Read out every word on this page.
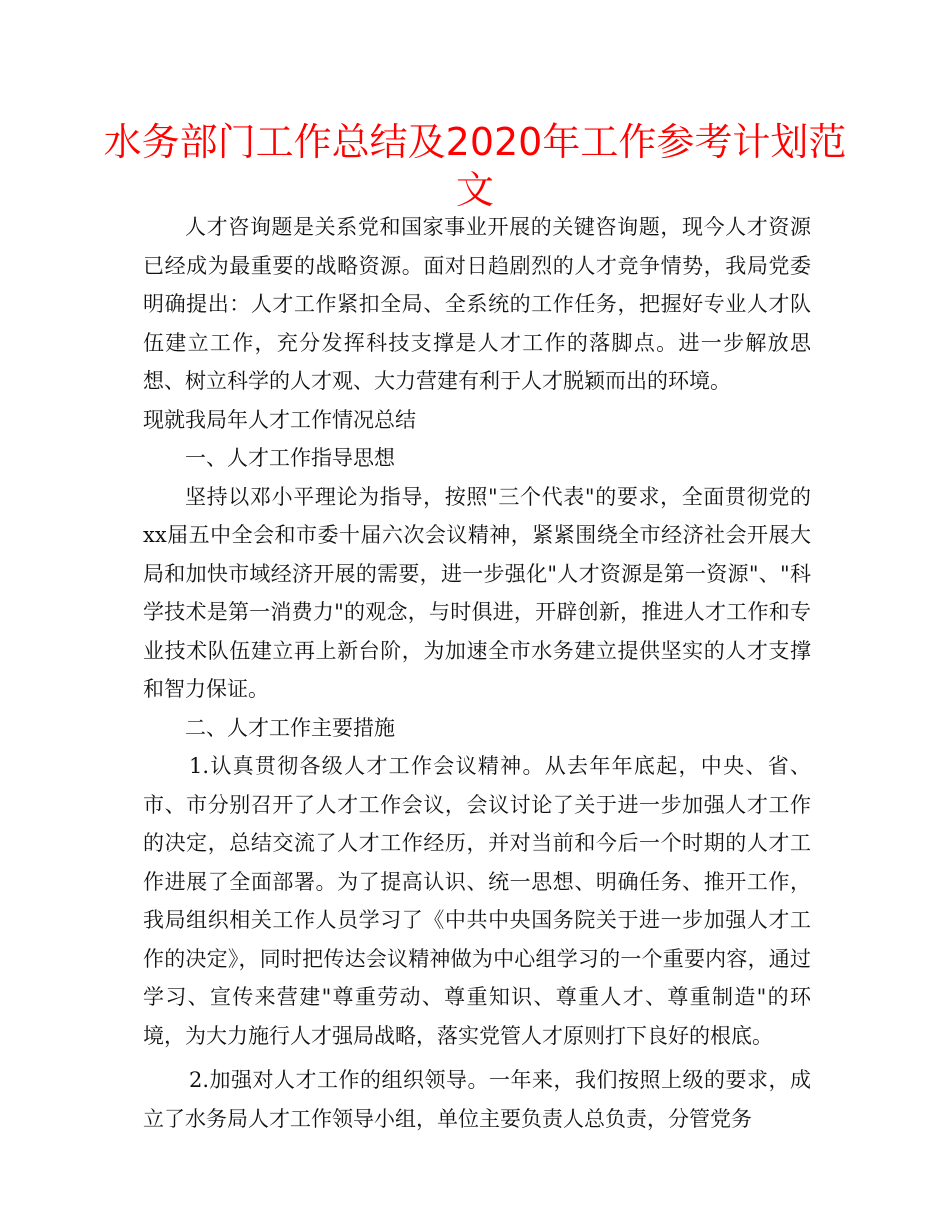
水务部门工作总结及2020年工作参考计划范文

人才咨询题是关系党和国家事业开展的关键咨询题，现今人才资源已经成为最重要的战略资源。面对日趋剧烈的人才竞争情势，我局党委明确提出：人才工作紧扣全局、全系统的工作任务，把握好专业人才队伍建立工作，充分发挥科技支撑是人才工作的落脚点。进一步解放思想、树立科学的人才观、大力营建有利于人才脱颖而出的环境。

现就我局年人才工作情况总结

一、人才工作指导思想

坚持以邓小平理论为指导，按照"三个代表"的要求，全面贯彻党的xx届五中全会和市委十届六次会议精神，紧紧围绕全市经济社会开展大局和加快市域经济开展的需要，进一步强化"人才资源是第一资源"、"科学技术是第一消费力"的观念，与时俱进，开辟创新，推进人才工作和专业技术队伍建立再上新台阶，为加速全市水务建立提供坚实的人才支撑和智力保证。

二、人才工作主要措施

1.认真贯彻各级人才工作会议精神。从去年年底起，中央、省、市、市分别召开了人才工作会议，会议讨论了关于进一步加强人才工作的决定，总结交流了人才工作经历，并对当前和今后一个时期的人才工作进展了全面部署。为了提高认识、统一思想、明确任务、推开工作，我局组织相关工作人员学习了《中共中央国务院关于进一步加强人才工作的决定》，同时把传达会议精神做为中心组学习的一个重要内容，通过学习、宣传来营建"尊重劳动、尊重知识、尊重人才、尊重制造"的环境，为大力施行人才强局战略，落实党管人才原则打下良好的根底。

2.加强对人才工作的组织领导。一年来，我们按照上级的要求，成立了水务局人才工作领导小组，单位主要负责人总负责，分管党务
